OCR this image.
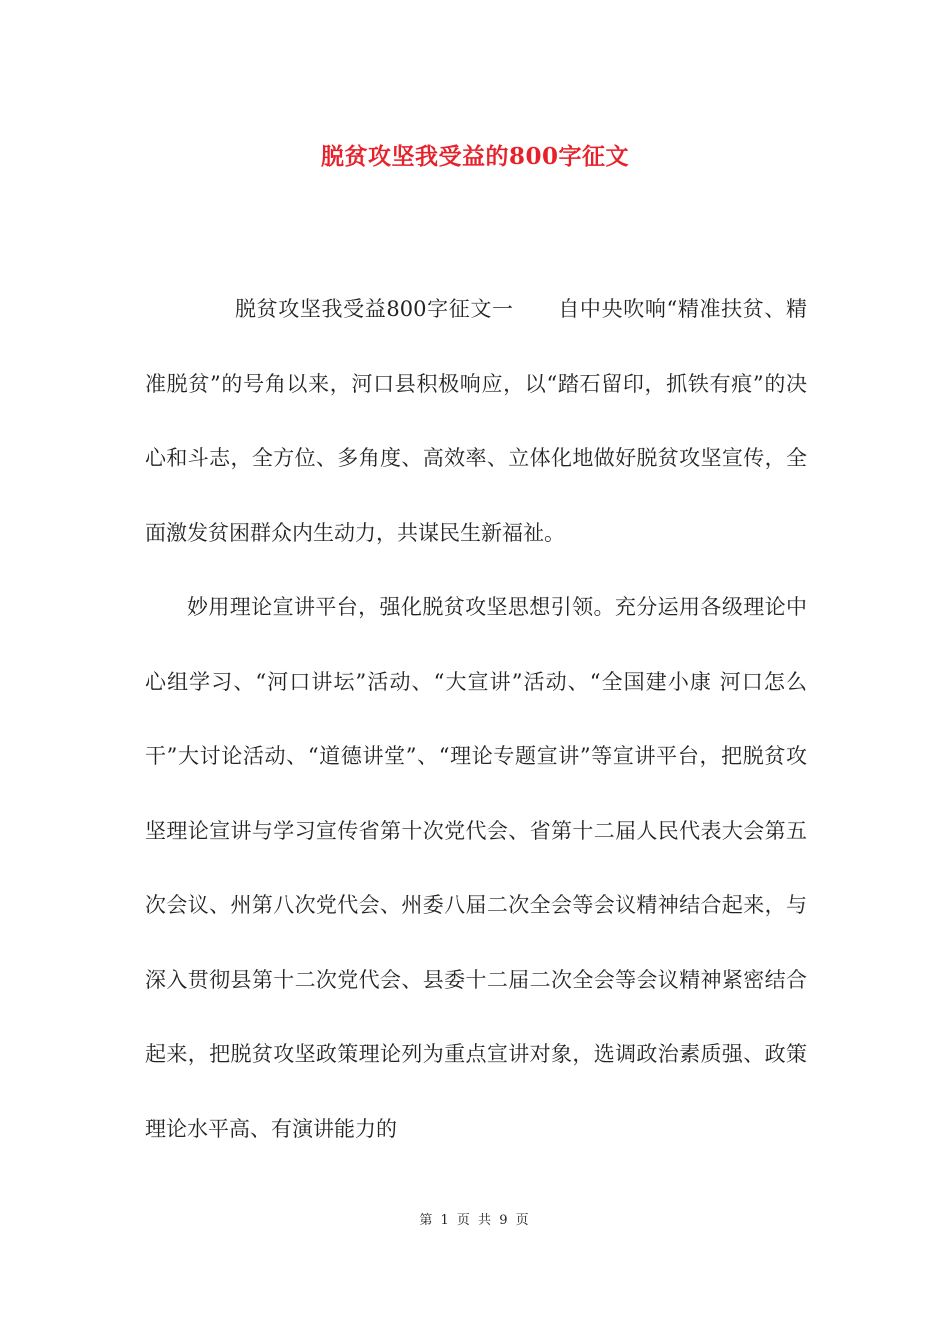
脱贫攻坚我受益的800字征文

脱贫攻坚我受益800字征文一 自中央吹响“精准扶贫、精准脱贫”的号角以来，河口县积极响应，以“踏石留印，抓铁有痕”的决心和斗志，全方位、多角度、高效率、立体化地做好脱贫攻坚宣传，全面激发贫困群众内生动力，共谋民生新福祉。

妙用理论宣讲平台，强化脱贫攻坚思想引领。充分运用各级理论中心组学习、“河口讲坛”活动、“大宣讲”活动、“全国建小康 河口怎么干”大讨论活动、“道德讲堂”、“理论专题宣讲”等宣讲平台，把脱贫攻坚理论宣讲与学习宣传省第十次党代会、省第十二届人民代表大会第五次会议、州第八次党代会、州委八届二次全会等会议精神结合起来，与深入贯彻县第十二次党代会、县委十二届二次全会等会议精神紧密结合起来，把脱贫攻坚政策理论列为重点宣讲对象，选调政治素质强、政策理论水平高、有演讲能力的

第 1 页 共 9 页
